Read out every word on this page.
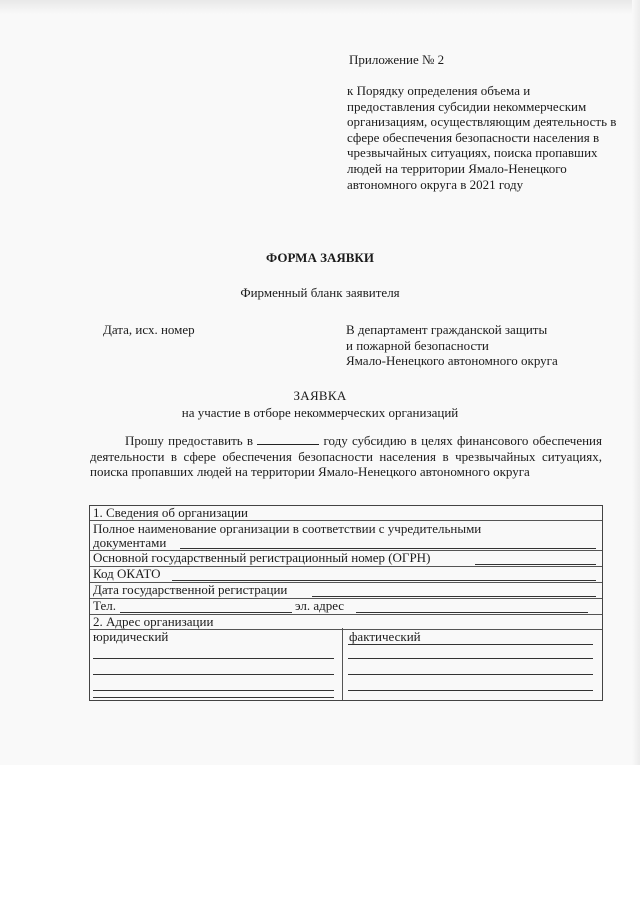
Приложение № 2
к Порядку определения объема и предоставления субсидии некоммерческим организациям, осуществляющим деятельность в сфере обеспечения безопасности населения в чрезвычайных ситуациях, поиска пропавших людей на территории Ямало-Ненецкого автономного округа в 2021 году
ФОРМА ЗАЯВКИ
Фирменный бланк заявителя
Дата, исх. номер	В департамент гражданской защиты
и пожарной безопасности
Ямало-Ненецкого автономного округа
ЗАЯВКА
на участие в отборе некоммерческих организаций
Прошу предоставить в	году субсидию в целях финансового обеспечения деятельности в сфере обеспечения безопасности населения в чрезвычайных ситуациях, поиска пропавших людей на территории Ямало-Ненецкого автономного округа
1. Сведения об организации
Полное наименование организации в соответствии с учредительными
документами
Основной государственный регистрационный номер (ОГРН)
Код ОКАТО
Дата государственной регистрации
Тел.	эл. адрес
2. Адрес организации
юридический	фактический
